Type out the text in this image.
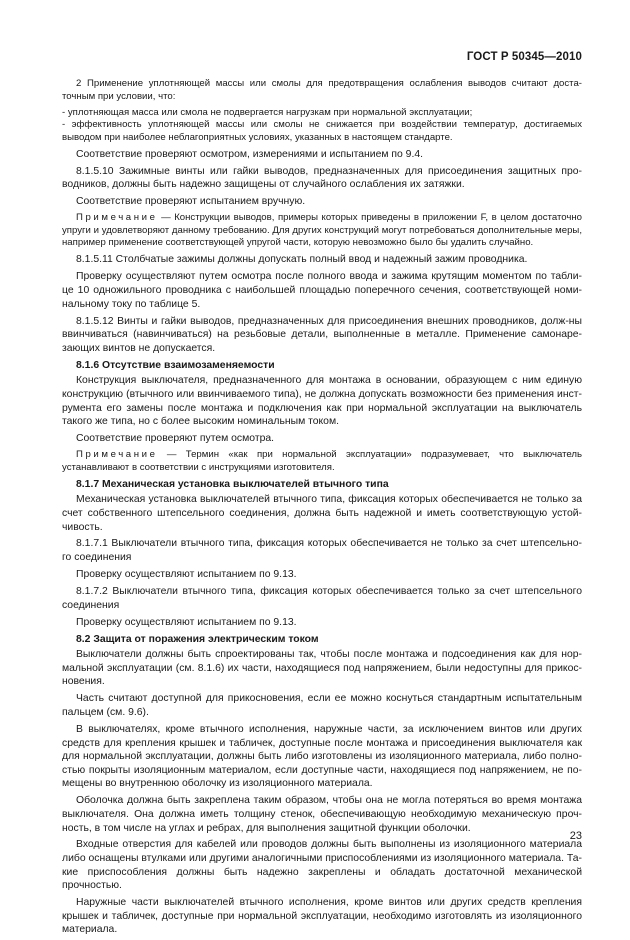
ГОСТ Р 50345—2010

2 Применение уплотняющей массы или смолы для предотвращения ослабления выводов считают доста-точным при условии, что:

- уплотняющая масса или смола не подвергается нагрузкам при нормальной эксплуатации;

- эффективность уплотняющей массы или смолы не снижается при воздействии температур, достигаемых выводом при наиболее неблагоприятных условиях, указанных в настоящем стандарте.

Соответствие проверяют осмотром, измерениями и испытанием по 9.4.

8.1.5.10 Зажимные винты или гайки выводов, предназначенных для присоединения защитных про-водников, должны быть надежно защищены от случайного ослабления их затяжки.

Соответствие проверяют испытанием вручную.

Примечание — Конструкции выводов, примеры которых приведены в приложении F, в целом достаточно упруги и удовлетворяют данному требованию. Для других конструкций могут потребоваться дополнительные меры, например применение соответствующей упругой части, которую невозможно было бы удалить случайно.

8.1.5.11 Столбчатые зажимы должны допускать полный ввод и надежный зажим проводника.

Проверку осуществляют путем осмотра после полного ввода и зажима крутящим моментом по табли-це 10 одножильного проводника с наибольшей площадью поперечного сечения, соответствующей номи-нальному току по таблице 5.

8.1.5.12 Винты и гайки выводов, предназначенных для присоединения внешних проводников, долж-ны ввинчиваться (навинчиваться) на резьбовые детали, выполненные в металле. Применение самонаре-зающих винтов не допускается.

8.1.6 Отсутствие взаимозаменяемости

Конструкция выключателя, предназначенного для монтажа в основании, образующем с ним единую конструкцию (втычного или ввинчиваемого типа), не должна допускать возможности без применения инст-румента его замены после монтажа и подключения как при нормальной эксплуатации на выключатель такого же типа, но с более высоким номинальным током.

Соответствие проверяют путем осмотра.

Примечание — Термин «как при нормальной эксплуатации» подразумевает, что выключатель устанавливают в соответствии с инструкциями изготовителя.

8.1.7 Механическая установка выключателей втычного типа

Механическая установка выключателей втычного типа, фиксация которых обеспечивается не только за счет собственного штепсельного соединения, должна быть надежной и иметь соответствующую устой-чивость.

8.1.7.1 Выключатели втычного типа, фиксация которых обеспечивается не только за счет штепсельно-го соединения

Проверку осуществляют испытанием по 9.13.

8.1.7.2 Выключатели втычного типа, фиксация которых обеспечивается только за счет штепсельного соединения

Проверку осуществляют испытанием по 9.13.

8.2 Защита от поражения электрическим током

Выключатели должны быть спроектированы так, чтобы после монтажа и подсоединения как для нор-мальной эксплуатации (см. 8.1.6) их части, находящиеся под напряжением, были недоступны для прикос-новения.

Часть считают доступной для прикосновения, если ее можно коснуться стандартным испытательным пальцем (см. 9.6).

В выключателях, кроме втычного исполнения, наружные части, за исключением винтов или других средств для крепления крышек и табличек, доступные после монтажа и присоединения выключателя как для нормальной эксплуатации, должны быть либо изготовлены из изоляционного материала, либо полно-стью покрыты изоляционным материалом, если доступные части, находящиеся под напряжением, не по-мещены во внутреннюю оболочку из изоляционного материала.

Оболочка должна быть закреплена таким образом, чтобы она не могла потеряться во время монтажа выключателя. Она должна иметь толщину стенок, обеспечивающую необходимую механическую проч-ность, в том числе на углах и ребрах, для выполнения защитной функции оболочки.

Входные отверстия для кабелей или проводов должны быть выполнены из изоляционного материала либо оснащены втулками или другими аналогичными приспособлениями из изоляционного материала. Та-кие приспособления должны быть надежно закреплены и обладать достаточной механической прочностью.

Наружные части выключателей втычного исполнения, кроме винтов или других средств крепления крышек и табличек, доступные при нормальной эксплуатации, необходимо изготовлять из изоляционного материала.

23
